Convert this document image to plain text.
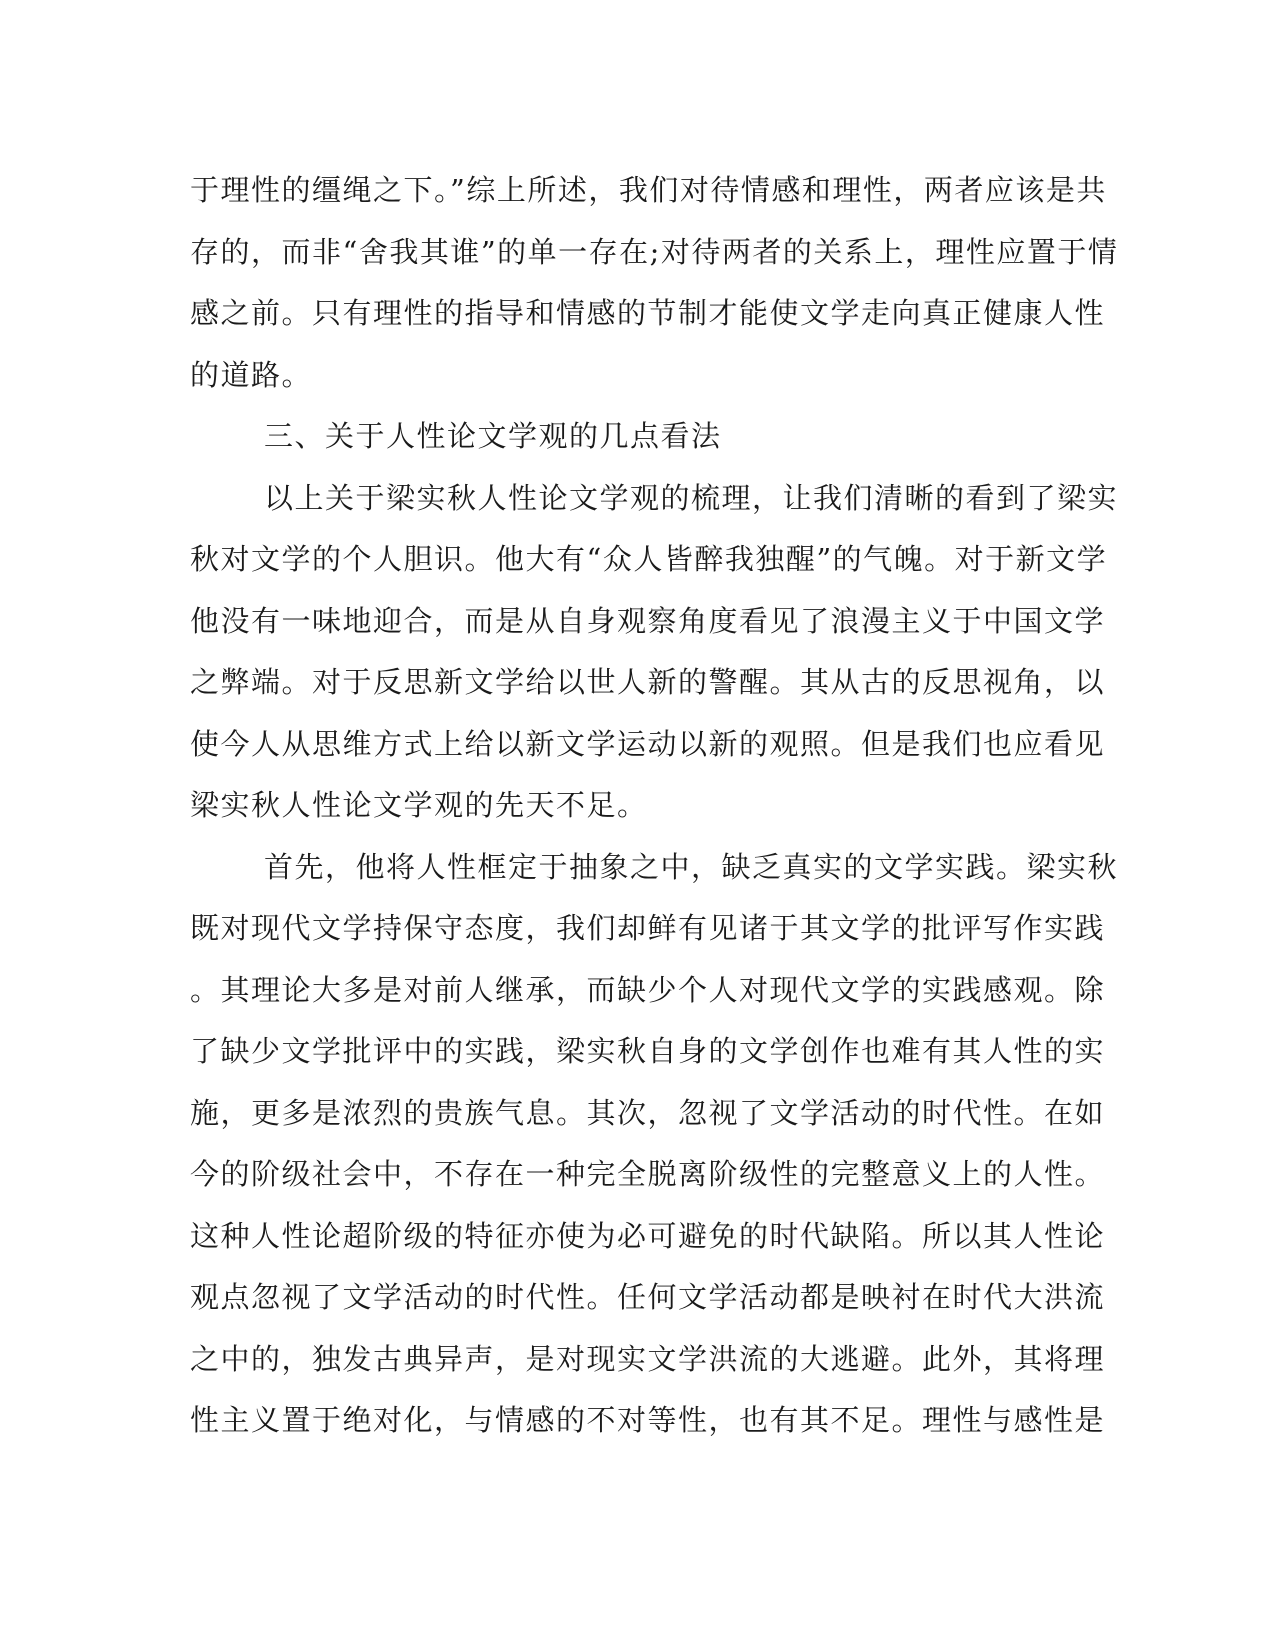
于理性的缰绳之下。”综上所述，我们对待情感和理性，两者应该是共
存的，而非“舍我其谁”的单一存在;对待两者的关系上，理性应置于情
感之前。只有理性的指导和情感的节制才能使文学走向真正健康人性
的道路。
三、关于人性论文学观的几点看法
以上关于梁实秋人性论文学观的梳理，让我们清晰的看到了梁实
秋对文学的个人胆识。他大有“众人皆醉我独醒”的气魄。对于新文学
他没有一味地迎合，而是从自身观察角度看见了浪漫主义于中国文学
之弊端。对于反思新文学给以世人新的警醒。其从古的反思视角，以
使今人从思维方式上给以新文学运动以新的观照。但是我们也应看见
梁实秋人性论文学观的先天不足。
首先，他将人性框定于抽象之中，缺乏真实的文学实践。梁实秋
既对现代文学持保守态度，我们却鲜有见诸于其文学的批评写作实践
。其理论大多是对前人继承，而缺少个人对现代文学的实践感观。除
了缺少文学批评中的实践，梁实秋自身的文学创作也难有其人性的实
施，更多是浓烈的贵族气息。其次，忽视了文学活动的时代性。在如
今的阶级社会中，不存在一种完全脱离阶级性的完整意义上的人性。
这种人性论超阶级的特征亦使为必可避免的时代缺陷。所以其人性论
观点忽视了文学活动的时代性。任何文学活动都是映衬在时代大洪流
之中的，独发古典异声，是对现实文学洪流的大逃避。此外，其将理
性主义置于绝对化，与情感的不对等性，也有其不足。理性与感性是
